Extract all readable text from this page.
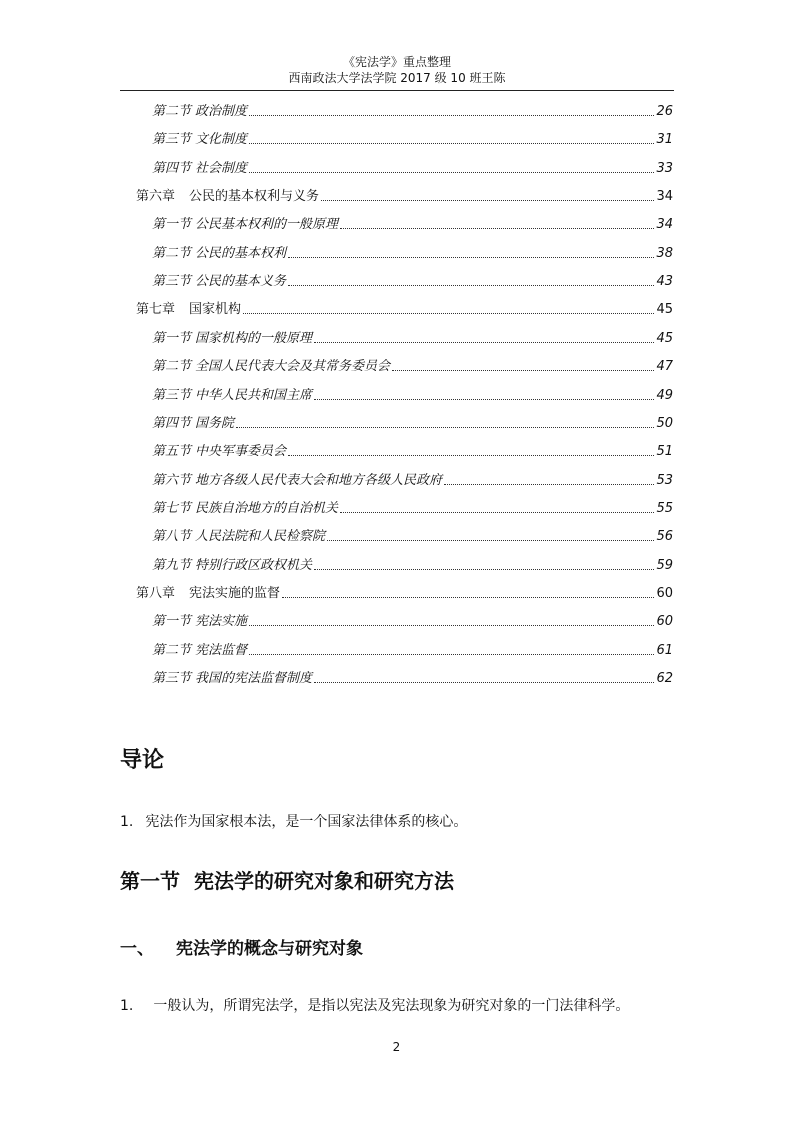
《宪法学》重点整理
西南政法大学法学院 2017 级 10 班王陈
第二节 政治制度	26
第三节 文化制度	31
第四节 社会制度	33
第六章 公民的基本权利与义务	34
第一节 公民基本权利的一般原理	34
第二节 公民的基本权利	38
第三节 公民的基本义务	43
第七章 国家机构	45
第一节 国家机构的一般原理	45
第二节 全国人民代表大会及其常务委员会	47
第三节 中华人民共和国主席	49
第四节 国务院	50
第五节 中央军事委员会	51
第六节 地方各级人民代表大会和地方各级人民政府	53
第七节 民族自治地方的自治机关	55
第八节 人民法院和人民检察院	56
第九节 特别行政区政权机关	59
第八章 宪法实施的监督	60
第一节 宪法实施	60
第二节 宪法监督	61
第三节 我国的宪法监督制度	62
导论
1. 宪法作为国家根本法，是一个国家法律体系的核心。
第一节 宪法学的研究对象和研究方法
一、 宪法学的概念与研究对象
1. 一般认为，所谓宪法学，是指以宪法及宪法现象为研究对象的一门法律科学。
2
